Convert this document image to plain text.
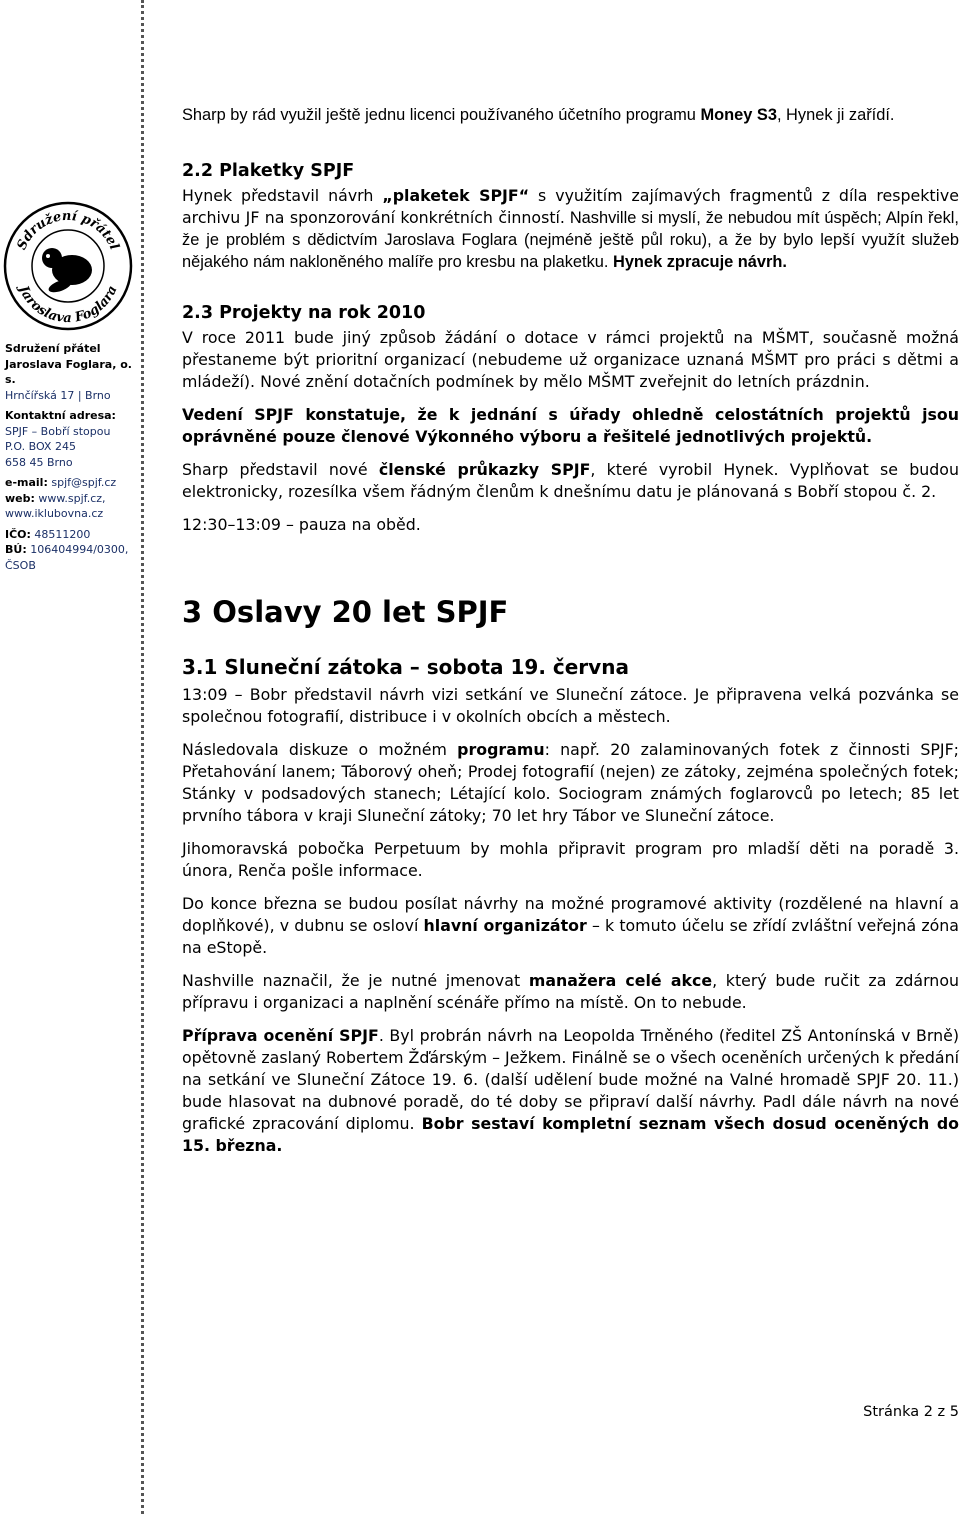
Sdružení přátel
Jaroslava Foglara

Sdružení přátel

Jaroslava Foglara, o. s.

Hrnčířská 17 | Brno

Kontaktní adresa:

SPJF – Bobří stopou

P.O. BOX 245

658 45 Brno

e-mail: spjf@spjf.cz

web: www.spjf.cz,

www.iklubovna.cz

IČO: 48511200

BÚ: 106404994/0300,

ČSOB

Sharp by rád využil ještě jednu licenci používaného účetního programu Money S3, Hynek ji zařídí.

2.2 Plaketky SPJF

Hynek představil návrh „plaketek SPJF“ s využitím zajímavých fragmentů z díla respektive archivu JF na sponzorování konkrétních činností. Nashville si myslí, že nebudou mít úspěch; Alpín řekl, že je problém s dědictvím Jaroslava Foglara (nejméně ještě půl roku), a že by bylo lepší využít služeb nějakého nám nakloněného malíře pro kresbu na plaketku. Hynek zpracuje návrh.

2.3 Projekty na rok 2010

V roce 2011 bude jiný způsob žádání o dotace v rámci projektů na MŠMT, současně možná přestaneme být prioritní organizací (nebudeme už organizace uznaná MŠMT pro práci s dětmi a mládeží). Nové znění dotačních podmínek by mělo MŠMT zveřejnit do letních prázdnin.

Vedení SPJF konstatuje, že k jednání s úřady ohledně celostátních projektů jsou oprávněné pouze členové Výkonného výboru a řešitelé jednotlivých projektů.

Sharp představil nové členské průkazky SPJF, které vyrobil Hynek. Vyplňovat se budou elektronicky, rozesílka všem řádným členům k dnešnímu datu je plánovaná s Bobří stopou č. 2.

12:30–13:09 – pauza na oběd.

3 Oslavy 20 let SPJF
3.1 Sluneční zátoka – sobota 19. června

13:09 – Bobr představil návrh vizi setkání ve Sluneční zátoce. Je připravena velká pozvánka se společnou fotografií, distribuce i v okolních obcích a městech.

Následovala diskuze o možném programu: např. 20 zalaminovaných fotek z činnosti SPJF; Přetahování lanem; Táborový oheň; Prodej fotografií (nejen) ze zátoky, zejména společných fotek; Stánky v podsadových stanech; Létající kolo. Sociogram známých foglarovců po letech; 85 let prvního tábora v kraji Sluneční zátoky; 70 let hry Tábor ve Sluneční zátoce.

Jihomoravská pobočka Perpetuum by mohla připravit program pro mladší děti na poradě 3. února, Renča pošle informace.

Do konce března se budou posílat návrhy na možné programové aktivity (rozdělené na hlavní a doplňkové), v dubnu se osloví hlavní organizátor – k tomuto účelu se zřídí zvláštní veřejná zóna na eStopě.

Nashville naznačil, že je nutné jmenovat manažera celé akce, který bude ručit za zdárnou přípravu i organizaci a naplnění scénáře přímo na místě. On to nebude.

Příprava ocenění SPJF. Byl probrán návrh na Leopolda Trněného (ředitel ZŠ Antonínská v Brně) opětovně zaslaný Robertem Žďárským – Ježkem. Finálně se o všech oceněních určených k předání na setkání ve Sluneční Zátoce 19. 6. (další udělení bude možné na Valné hromadě SPJF 20. 11.) bude hlasovat na dubnové poradě, do té doby se připraví další návrhy. Padl dále návrh na nové grafické zpracování diplomu. Bobr sestaví kompletní seznam všech dosud oceněných do 15. března.

Stránka 2 z 5
